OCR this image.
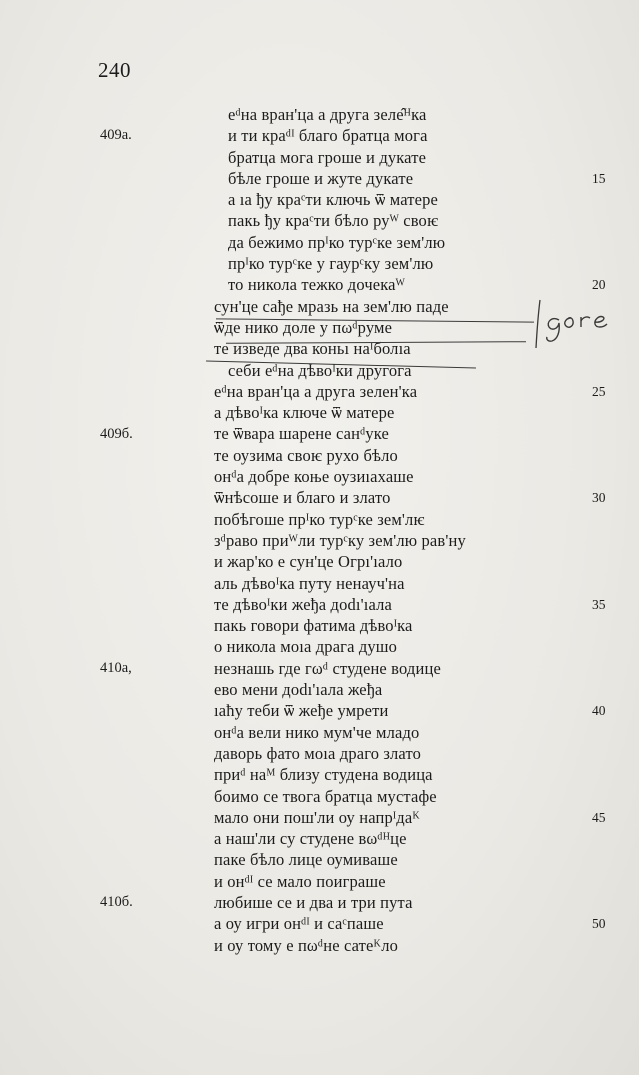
240
еᵈна вран'ца а друга зеле̂ᴴка
и ти краᵈᴵ благо братца мога
братца мога гроше и дукате
бѣле гроше и жуте дукате
а ıа ђу краᶜти ключь ѿ матере
пакь ђу краᶜти бѣло руᵂ своѥ
да бежимо прᴵко турᶜке зем'лю
прᴵко турᶜке у гаурᶜку зем'лю
то никола тежко дочекаᵂ
сун'це сађе мразь на зем'лю паде
ѿде нико доле у пωᵈруме
те изведе два коньı наᴵболıа
себи еᵈна дѣвоᴵки другога
еᵈна вран'ца а друга зелен'ка
а дѣвоᴵка ключе ѿ матере
те ѿвара шарене санᵈуке
те оузима своѥ рухо бѣло
онᵈа добре коње оузиıахаше
ѿнѣсоше и благо и злато
побѣгоше прᴵко турᶜке зем'лѥ
зᵈраво приᵂли турᶜку зем'лю рав'ну
и жар'ко е сун'це Огрı'ıало
аль дѣвоᴵка путу ненауч'на
те дѣвоᴵки жеђа доdı'ıала
пакь говори фатима дѣвоᴵка
о никола моıа драга душо
незнашь где гωᵈ студене водице
ево мени доdı'ıала жеђа
ıаћу теби ѿ жеђе умрети
онᵈа вели нико мум'че младо
даворь фато моıа драго злато
приᵈ наᴹ близу студена водица
боимо се твога братца мустафе
мало они пош'ли оу напрᴵдаᴷ
а наш'ли су студене вωᵈᴴце
паке бѣло лице оумиваше
и онᵈᴵ се мало поиграше
любише се и два и три пута
а оу игри онᵈᴵ и саᶜпаше
и оу тому е пωᵈне сатеᴷло
409а.
409б.
410а,
410б.
15
20
25
30
35
40
45
50
